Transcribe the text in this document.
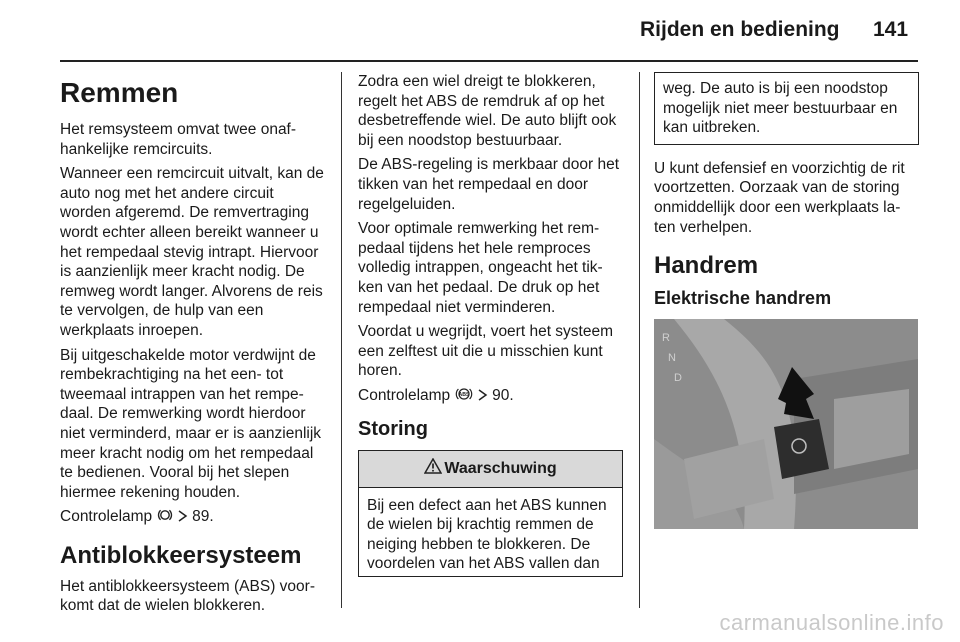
Rijden en bediening 141
Remmen

Het remsysteem omvat twee onaf-hankelijke remcircuits.

Wanneer een remcircuit uitvalt, kan de auto nog met het andere circuit worden afgeremd. De remvertraging wordt echter alleen bereikt wanneer u het rempedaal stevig intrapt. Hiervoor is aanzienlijk meer kracht nodig. De remweg wordt langer. Alvorens de reis te vervolgen, de hulp van een werkplaats inroepen.

Bij uitgeschakelde motor verdwijnt de rembekrachtiging na het een- tot tweemaal intrappen van het rempe-daal. De remwerking wordt hierdoor niet verminderd, maar er is aanzienlijk meer kracht nodig om het rempedaal te bedienen. Vooral bij het slepen hiermee rekening houden.

Controlelamp	89.

Antiblokkeersysteem

Het antiblokkeersysteem (ABS) voor-komt dat de wielen blokkeren.

Zodra een wiel dreigt te blokkeren, regelt het ABS de remdruk af op het desbetreffende wiel. De auto blijft ook bij een noodstop bestuurbaar.

De ABS-regeling is merkbaar door het tikken van het rempedaal en door regelgeluiden.

Voor optimale remwerking het rem-pedaal tijdens het hele remproces volledig intrappen, ongeacht het tik-ken van het pedaal. De druk op het rempedaal niet verminderen.

Voordat u wegrijdt, voert het systeem een zelftest uit die u misschien kunt horen.

Controlelamp ABS 90.

Storing
Waarschuwing

Bij een defect aan het ABS kunnen de wielen bij krachtig remmen de neiging hebben te blokkeren. De voordelen van het ABS vallen dan

weg. De auto is bij een noodstop mogelijk niet meer bestuurbaar en kan uitbreken.

U kunt defensief en voorzichtig de rit voortzetten. Oorzaak van de storing onmiddellijk door een werkplaats la-ten verhelpen.

Handrem
Elektrische handrem
R
N
D
carmanualsonline.info
